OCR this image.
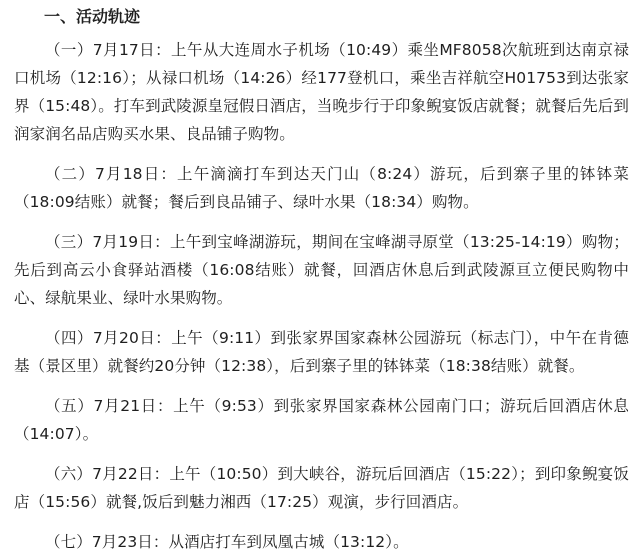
一、活动轨迹

（一）7月17日：上午从大连周水子机场（10:49）乘坐MF8058次航班到达南京禄口机场（12:16）；从禄口机场（14:26）经177登机口，乘坐吉祥航空H01753到达张家界（15:48）。打车到武陵源皇冠假日酒店，当晚步行于印象鲵宴饭店就餐；就餐后先后到润家润名品店购买水果、良品铺子购物。

（二）7月18日：上午滴滴打车到达天门山（8:24）游玩，后到寨子里的钵钵菜（18:09结账）就餐；餐后到良品铺子、绿叶水果（18:34）购物。

（三）7月19日：上午到宝峰湖游玩，期间在宝峰湖寻原堂（13:25-14:19）购物；先后到高云小食驿站酒楼（16:08结账）就餐，回酒店休息后到武陵源亘立便民购物中心、绿航果业、绿叶水果购物。

（四）7月20日：上午（9:11）到张家界国家森林公园游玩（标志门），中午在肯德基（景区里）就餐约20分钟（12:38），后到寨子里的钵钵菜（18:38结账）就餐。

（五）7月21日：上午（9:53）到张家界国家森林公园南门口；游玩后回酒店休息（14:07）。

（六）7月22日：上午（10:50）到大峡谷，游玩后回酒店（15:22）；到印象鲵宴饭店（15:56）就餐,饭后到魅力湘西（17:25）观演，步行回酒店。

（七）7月23日：从酒店打车到凤凰古城（13:12）。
